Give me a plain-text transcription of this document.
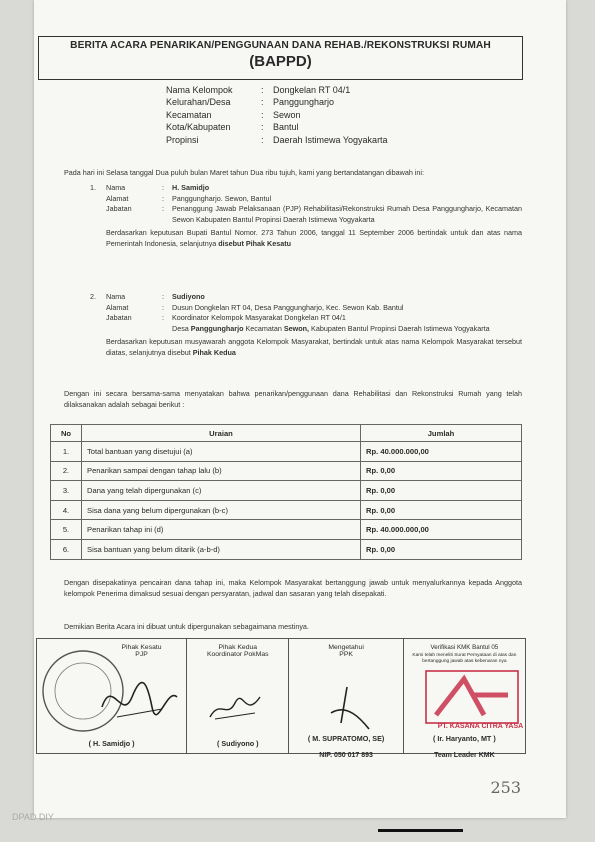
BERITA ACARA PENARIKAN/PENGGUNAAN DANA REHAB./REKONSTRUKSI RUMAH
(BAPPD)
Nama Kelompok	:	Dongkelan RT 04/1
Kelurahan/Desa	:	Panggungharjo
Kecamatan	:	Sewon
Kota/Kabupaten	:	Bantul
Propinsi	:	Daerah Istimewa Yogyakarta
Pada hari ini Selasa tanggal Dua puluh bulan Maret tahun Dua ribu tujuh, kami yang bertandatangan dibawah ini:
1.	Nama	:	H. Samidjo
Alamat	:	Panggungharjo. Sewon, Bantul
Jabatan	:	Penanggung Jawab Pelaksanaan (PJP) Rehabilitasi/Rekonstruksi Rumah Desa Panggungharjo, Kecamatan Sewon Kabupaten Bantul Propinsi Daerah Istimewa Yogyakarta
Berdasarkan keputusan Bupati Bantul Nomor. 273 Tahun 2006, tanggal 11 September 2006 bertindak untuk dan atas nama Pemerintah Indonesia, selanjutnya disebut Pihak Kesatu
2.	Nama	:	Sudiyono
Alamat	:	Dusun Dongkelan RT 04, Desa Panggungharjo, Kec. Sewon Kab. Bantul
Jabatan	:	Koordinator Kelompok Masyarakat Dongkelan RT 04/1
Desa Panggungharjo Kecamatan Sewon, Kabupaten Bantul Propinsi Daerah Istimewa Yogyakarta
Berdasarkan keputusan musyawarah anggota Kelompok Masyarakat, bertindak untuk atas nama Kelompok Masyarakat tersebut diatas, selanjutnya disebut Pihak Kedua
Dengan ini secara bersama-sama menyatakan bahwa penarikan/penggunaan dana Rehabilitasi dan Rekonstruksi Rumah yang telah dilaksanakan adalah sebagai berikut :
No	Uraian	Jumlah
1.	Total bantuan yang disetujui (a)	Rp. 40.000.000,00
2.	Penarikan sampai dengan tahap lalu (b)	Rp. 0,00
3.	Dana yang telah dipergunakan (c)	Rp. 0,00
4.	Sisa dana yang belum dipergunakan (b-c)	Rp. 0,00
5.	Penarikan tahap ini (d)	Rp. 40.000.000,00
6.	Sisa bantuan yang belum ditarik (a-b-d)	Rp. 0,00
Dengan disepakatinya pencairan dana tahap ini, maka Kelompok Masyarakat bertanggung jawab untuk menyalurkannya kepada Anggota kelompok Penerima dimaksud sesuai dengan persyaratan, jadwal dan sasaran yang telah disepakati.
Demikian Berita Acara ini dibuat untuk dipergunakan sebagaimana mestinya.
Pihak Kesatu
PJP
( H. Samidjo )
Pihak Kedua
Koordinator PokMas
( Sudiyono )
Mengetahui
PPK
( M. SUPRATOMO, SE)
NIP. 050 017 893
Verifikasi KMK Bantul 05
Kami telah meneliti Surat Pernyataan di atas dan bertanggung jawab atas kebenaran nya
PT. KASANA CITRA YASA
( Ir. Haryanto, MT )
Team Leader KMK
253
DPAD DIY
